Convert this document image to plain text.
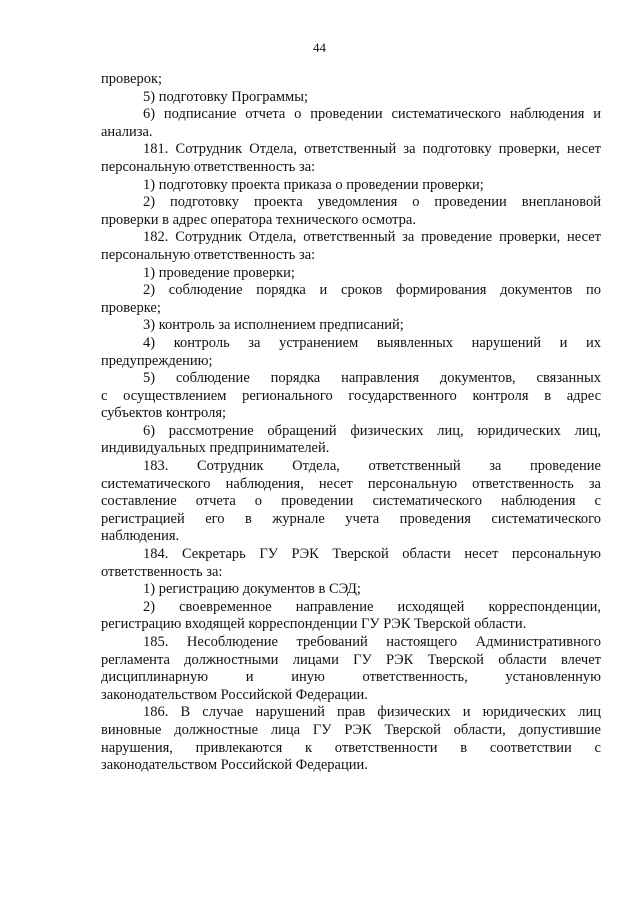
44
проверок;
5) подготовку Программы;
6) подписание отчета о проведении систематического наблюдения и
анализа.
181. Сотрудник Отдела, ответственный за подготовку проверки, несет
персональную ответственность за:
1) подготовку проекта приказа о проведении проверки;
2) подготовку проекта уведомления о проведении внеплановой
проверки в адрес оператора технического осмотра.
182. Сотрудник Отдела, ответственный за проведение проверки, несет
персональную ответственность за:
1) проведение проверки;
2) соблюдение порядка и сроков формирования документов по
проверке;
3) контроль за исполнением предписаний;
4) контроль за устранением выявленных нарушений и их
предупреждению;
5) соблюдение порядка направления документов, связанных
с осуществлением регионального государственного контроля в адрес
субъектов контроля;
6) рассмотрение обращений физических лиц, юридических лиц,
индивидуальных предпринимателей.
183. Сотрудник Отдела, ответственный за проведение
систематического наблюдения, несет персональную ответственность за
составление отчета о проведении систематического наблюдения с
регистрацией его в журнале учета проведения систематического
наблюдения.
184. Секретарь ГУ РЭК Тверской области несет персональную
ответственность за:
1) регистрацию документов в СЭД;
2) своевременное направление исходящей корреспонденции,
регистрацию входящей корреспонденции ГУ РЭК Тверской области.
185. Несоблюдение требований настоящего Административного
регламента должностными лицами ГУ РЭК Тверской области влечет
дисциплинарную и иную ответственность, установленную
законодательством Российской Федерации.
186. В случае нарушений прав физических и юридических лиц
виновные должностные лица ГУ РЭК Тверской области, допустившие
нарушения, привлекаются к ответственности в соответствии с
законодательством Российской Федерации.
